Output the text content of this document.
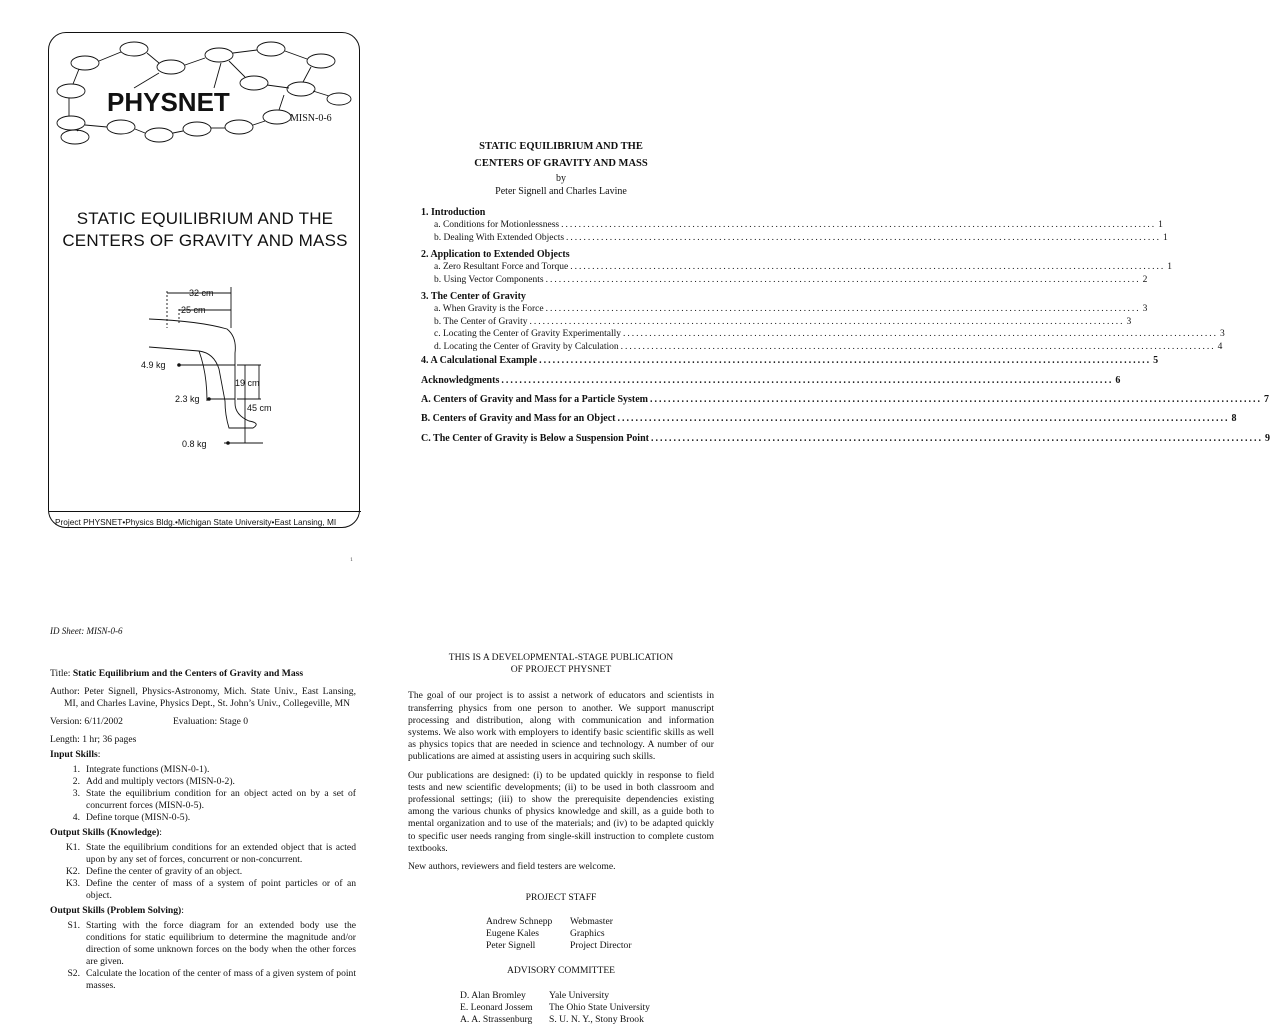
PHYSNET
MISN-0-6
STATIC EQUILIBRIUM AND THE
CENTERS OF GRAVITY AND MASS
32 cm
25 cm
4.9 kg
19 cm
2.3 kg
45 cm
0.8 kg
Project PHYSNET•Physics Bldg.•Michigan State University•East Lansing, MI
1
STATIC EQUILIBRIUM AND THE
CENTERS OF GRAVITY AND MASS
by
Peter Signell and Charles Lavine
1. Introduction
a. Conditions for Motionlessness .....	1
b. Dealing With Extended Objects .....	1
2. Application to Extended Objects
a. Zero Resultant Force and Torque .....	1
b. Using Vector Components .....	2
3. The Center of Gravity
a. When Gravity is the Force .....	3
b. The Center of Gravity .....	3
c. Locating the Center of Gravity Experimentally .....	3
d. Locating the Center of Gravity by Calculation .....	4
4. A Calculational Example .....	5
Acknowledgments .....	6
A. Centers of Gravity and Mass for a Particle System .....	7
B. Centers of Gravity and Mass for an Object .....	8
C. The Center of Gravity is Below a Suspension Point .....	9
ID Sheet: MISN-0-6

Title: Static Equilibrium and the Centers of Gravity and Mass

Author: Peter Signell, Physics-Astronomy, Mich. State Univ., East Lansing, MI, and Charles Lavine, Physics Dept., St. John’s Univ., Collegeville, MN

Version: 6/11/2002	Evaluation: Stage 0

Length: 1 hr; 36 pages

Input Skills:

1. Integrate functions (MISN-0-1).
2. Add and multiply vectors (MISN-0-2).
3. State the equilibrium condition for an object acted on by a set of concurrent forces (MISN-0-5).
4. Define torque (MISN-0-5).

Output Skills (Knowledge):

K1. State the equilibrium conditions for an extended object that is acted upon by any set of forces, concurrent or non-concurrent.
K2. Define the center of gravity of an object.
K3. Define the center of mass of a system of point particles or of an object.

Output Skills (Problem Solving):

S1. Starting with the force diagram for an extended body use the conditions for static equilibrium to determine the magnitude and/or direction of some unknown forces on the body when the other forces are given.
S2. Calculate the location of the center of mass of a given system of point masses.
THIS IS A DEVELOPMENTAL-STAGE PUBLICATION
OF PROJECT PHYSNET

The goal of our project is to assist a network of educators and scientists in transferring physics from one person to another. We support manuscript processing and distribution, along with communication and information systems. We also work with employers to identify basic scientific skills as well as physics topics that are needed in science and technology. A number of our publications are aimed at assisting users in acquiring such skills.

Our publications are designed: (i) to be updated quickly in response to field tests and new scientific developments; (ii) to be used in both classroom and professional settings; (iii) to show the prerequisite dependencies existing among the various chunks of physics knowledge and skill, as a guide both to mental organization and to use of the materials; and (iv) to be adapted quickly to specific user needs ranging from single-skill instruction to complete custom textbooks.

New authors, reviewers and field testers are welcome.

PROJECT STAFF
Andrew Schnepp	Webmaster
Eugene Kales	Graphics
Peter Signell	Project Director
ADVISORY COMMITTEE
D. Alan Bromley	Yale University
E. Leonard Jossem	The Ohio State University
A. A. Strassenburg	S. U. N. Y., Stony Brook
